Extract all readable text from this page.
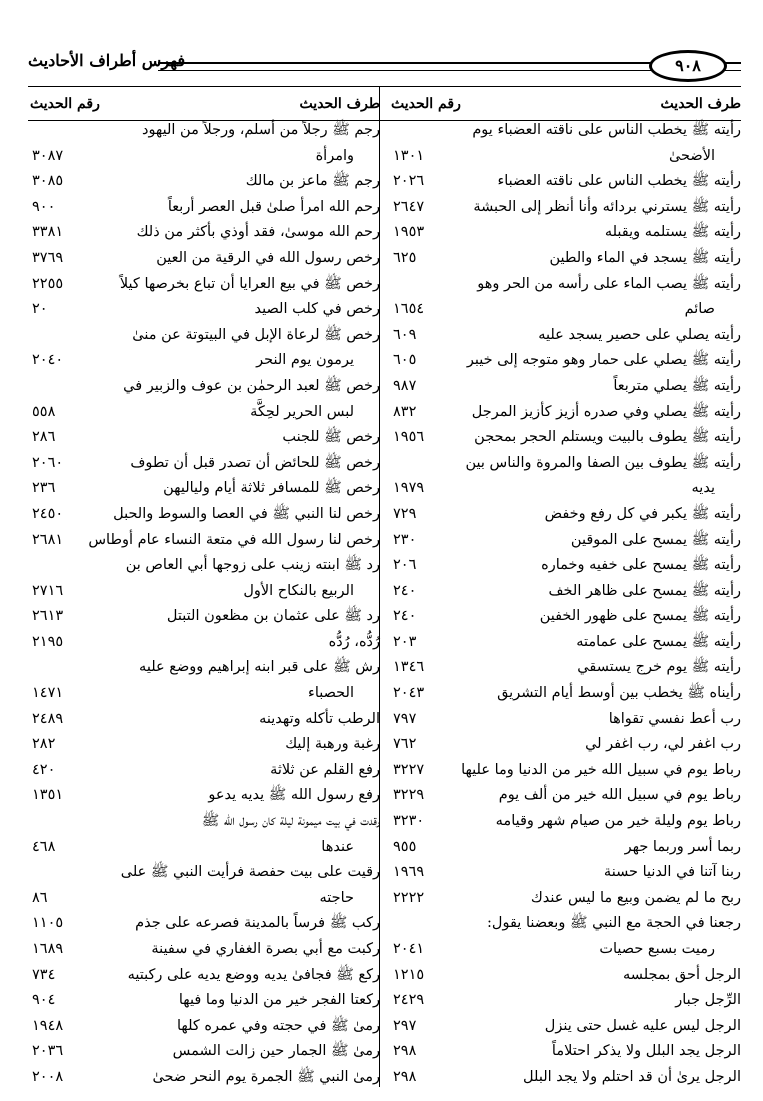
٩٠٨
فهرس أطراف الأحاديث
طرف الحديث
رقم الحديث
رأيته ﷺ يخطب الناس على ناقته العضباء يوم
الأضحىٰ
١٣٠١
رأيته ﷺ يخطب الناس على ناقته العضباء
٢٠٢٦
رأيته ﷺ يسترني بردائه وأنا أنظر إلى الحبشة
٢٦٤٧
رأيته ﷺ يستلمه ويقبله
١٩٥٣
رأيته ﷺ يسجد في الماء والطين
٦٢٥
رأيته ﷺ يصب الماء على رأسه من الحر وهو
صائم
١٦٥٤
رأيته يصلي على حصير يسجد عليه
٦٠٩
رأيته ﷺ يصلي على حمار وهو متوجه إلى خيبر
٦٠٥
رأيته ﷺ يصلي متربعاً
٩٨٧
رأيته ﷺ يصلي وفي صدره أزيز كأزيز المرجل
٨٣٢
رأيته ﷺ يطوف بالبيت ويستلم الحجر بمحجن
١٩٥٦
رأيته ﷺ يطوف بين الصفا والمروة والناس بين
يديه
١٩٧٩
رأيته ﷺ يكبر في كل رفع وخفض
٧٢٩
رأيته ﷺ يمسح على الموقين
٢٣٠
رأيته ﷺ يمسح على خفيه وخماره
٢٠٦
رأيته ﷺ يمسح على ظاهر الخف
٢٤٠
رأيته ﷺ يمسح على ظهور الخفين
٢٤٠
رأيته ﷺ يمسح على عمامته
٢٠٣
رأيته ﷺ يوم خرج يستسقي
١٣٤٦
رأيناه ﷺ يخطب بين أوسط أيام التشريق
٢٠٤٣
رب أعط نفسي تقواها
٧٩٧
رب اغفر لي، رب اغفر لي
٧٦٢
رباط يوم في سبيل الله خير من الدنيا وما عليها
٣٢٢٧
رباط يوم في سبيل الله خير من ألف يوم
٣٢٢٩
رباط يوم وليلة خير من صيام شهر وقيامه
٣٢٣٠
ربما أسر وربما جهر
٩٥٥
ربنا آتنا في الدنيا حسنة
١٩٦٩
ربح ما لم يضمن وبيع ما ليس عندك
٢٢٢٢
رجعنا في الحجة مع النبي ﷺ وبعضنا يقول:
رميت بسبع حصيات
٢٠٤١
الرجل أحق بمجلسه
١٢١٥
الرِّجل جبار
٢٤٢٩
الرجل ليس عليه غسل حتى ينزل
٢٩٧
الرجل يجد البلل ولا يذكر احتلاماً
٢٩٨
الرجل يرىٰ أن قد احتلم ولا يجد البلل
٢٩٨
طرف الحديث
رقم الحديث
رجم ﷺ رجلاً من أسلم، ورجلاً من اليهود
وامرأة
٣٠٨٧
رجم ﷺ ماعز بن مالك
٣٠٨٥
رحم الله امرأ صلىٰ قبل العصر أربعاً
٩٠٠
رحم الله موسىٰ، فقد أوذي بأكثر من ذلك
٣٣٨١
رخص رسول الله في الرقية من العين
٣٧٦٩
رخص ﷺ في بيع العرايا أن تباع بخرصها كيلاً
٢٢٥٥
رخص في كلب الصيد
٢٠
رخص ﷺ لرعاة الإبل في البيتوتة عن منىٰ
يرمون يوم النحر
٢٠٤٠
رخص ﷺ لعبد الرحمٰن بن عوف والزبير في
لبس الحرير لحِكَّة
٥٥٨
رخص ﷺ للجنب
٢٨٦
رخص ﷺ للحائض أن تصدر قبل أن تطوف
٢٠٦٠
رخص ﷺ للمسافر ثلاثة أيام ولياليهن
٢٣٦
رخص لنا النبي ﷺ في العصا والسوط والحبل
٢٤٥٠
رخص لنا رسول الله في متعة النساء عام أوطاس
٢٦٨١
رد ﷺ ابنته زينب على زوجها أبي العاص بن
الربيع بالنكاح الأول
٢٧١٦
رد ﷺ على عثمان بن مظعون التبتل
٢٦١٣
رُدُّه، رُدُّه
٢١٩٥
رش ﷺ على قبر ابنه إبراهيم ووضع عليه
الحصباء
١٤٧١
الرطب تأكله وتهدينه
٢٤٨٩
رغبة ورهبة إليك
٢٨٢
رفع القلم عن ثلاثة
٤٢٠
رفع رسول الله ﷺ يديه يدعو
١٣٥١
رقدت في بيت ميمونة ليلة كان رسول الله ﷺ
عندها
٤٦٨
رقيت على بيت حفصة فرأيت النبي ﷺ على
حاجته
٨٦
ركب ﷺ فرساً بالمدينة فصرعه على جذم
١١٠٥
ركبت مع أبي بصرة الغفاري في سفينة
١٦٨٩
ركع ﷺ فجافىٰ يديه ووضع يديه على ركبتيه
٧٣٤
ركعتا الفجر خير من الدنيا وما فيها
٩٠٤
رمىٰ ﷺ في حجته وفي عمره كلها
١٩٤٨
رمىٰ ﷺ الجمار حين زالت الشمس
٢٠٣٦
رمىٰ النبي ﷺ الجمرة يوم النحر ضحىٰ
٢٠٠٨
